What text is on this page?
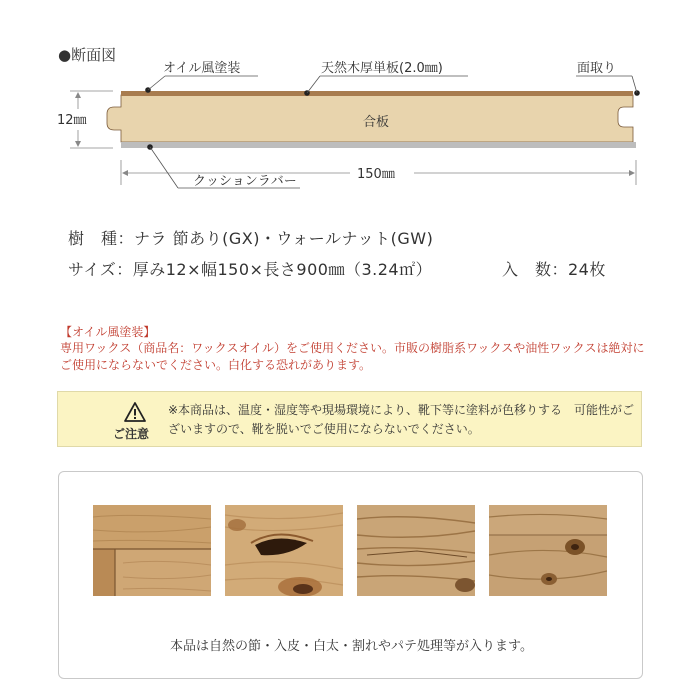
●断面図
12㎜
150㎜
オイル風塗装	天然木厚単板(2.0㎜)	面取り
合板
クッションラバー
樹　種：ナラ 節あり(GX)・ウォールナット(GW)
サイズ：厚み12×幅150×長さ900㎜（3.24㎡）	入　数：24枚
【オイル風塗装】
専用ワックス（商品名：ワックスオイル）をご使用ください。市販の樹脂系ワックスや油性ワックスは絶対にご使用にならないでください。白化する恐れがあります。
ご注意
※本商品は、温度・湿度等や現場環境により、靴下等に塗料が色移りする　可能性がございますので、靴を脱いでご使用にならないでください。
本品は自然の節・入皮・白太・割れやパテ処理等が入ります。
